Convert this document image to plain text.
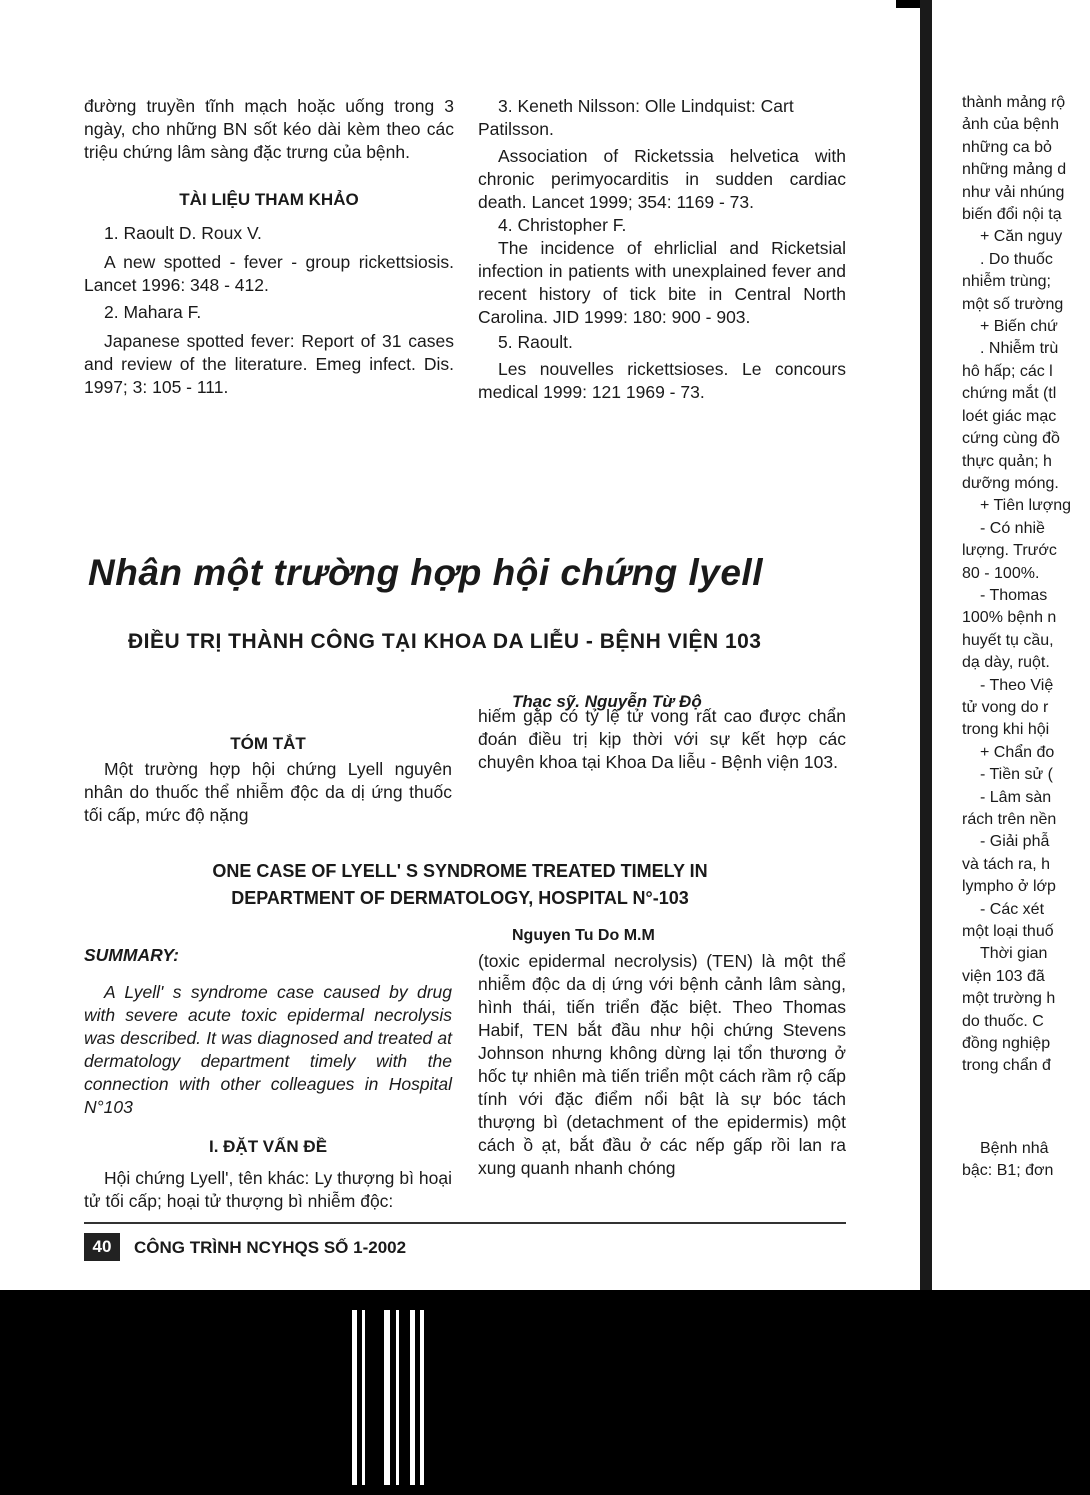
đường truyền tĩnh mạch hoặc uống trong 3 ngày, cho những BN sốt kéo dài kèm theo các triệu chứng lâm sàng đặc trưng của bệnh.

TÀI LIỆU THAM KHẢO

1. Raoult D. Roux V.

A new spotted - fever - group rickettsiosis. Lancet 1996: 348 - 412.

2. Mahara F.

Japanese spotted fever: Report of 31 cases and review of the literature. Emeg infect. Dis. 1997; 3: 105 - 111.

3. Keneth Nilsson: Olle Lindquist: Cart Patilsson.

Association of Ricketssia helvetica with chronic perimyocarditis in sudden cardiac death. Lancet 1999; 354: 1169 - 73.

4. Christopher F.

The incidence of ehrliclial and Ricketsial infection in patients with unexplained fever and recent history of tick bite in Central North Carolina. JID 1999: 180: 900 - 903.

5. Raoult.

Les nouvelles rickettsioses. Le concours medical 1999: 121 1969 - 73.

Nhân một trường hợp hội chứng lyell
ĐIỀU TRỊ THÀNH CÔNG TẠI KHOA DA LIỄU - BỆNH VIỆN 103

Thạc sỹ. Nguyễn Từ Độ

TÓM TẮT

Một trường hợp hội chứng Lyell nguyên nhân do thuốc thể nhiễm độc da dị ứng thuốc tối cấp, mức độ nặng

hiếm gặp có tỷ lệ tử vong rất cao được chẩn đoán điều trị kịp thời với sự kết hợp các chuyên khoa tại Khoa Da liễu - Bệnh viện 103.

ONE CASE OF LYELL' S SYNDROME TREATED TIMELY IN

DEPARTMENT OF DERMATOLOGY, HOSPITAL N°-103

Nguyen Tu Do M.M

SUMMARY:

A Lyell' s syndrome case caused by drug with severe acute toxic epidermal necrolysis was described. It was diagnosed and treated at dermatology department timely with the connection with other colleagues in Hospital N°103

I. ĐẶT VẤN ĐỀ

Hội chứng Lyell', tên khác: Ly thượng bì hoại tử tối cấp; hoại tử thượng bì nhiễm độc:

(toxic epidermal necrolysis) (TEN) là một thể nhiễm độc da dị ứng với bệnh cảnh lâm sàng, hình thái, tiến triển đặc biệt. Theo Thomas Habif, TEN bắt đầu như hội chứng Stevens Johnson nhưng không dừng lại tổn thương ở hốc tự nhiên mà tiến triển một cách rầm rộ cấp tính với đặc điểm nổi bật là sự bóc tách thượng bì (detachment of the epidermis) một cách ồ ạt, bắt đầu ở các nếp gấp rồi lan ra xung quanh nhanh chóng

40 CÔNG TRÌNH NCYHQS SỐ 1-2002

thành mảng rộ

ảnh của bệnh

những ca bỏ

những mảng d

như vải nhúng

biến đổi nội tạ

+ Căn nguy

. Do thuốc

nhiễm trùng;

một số trường

+ Biến chứ

. Nhiễm trù

hô hấp; các l

chứng mắt (tl

loét giác mạc

cứng cùng đồ

thực quản; h

dưỡng móng.

+ Tiên lượng

- Có nhiề

lượng. Trước

80 - 100%.

- Thomas

100% bệnh n

huyết tụ cầu,

dạ dày, ruột.

- Theo Việ

tử vong do r

trong khi hội

+ Chẩn đo

- Tiền sử (

- Lâm sàn

rách trên nền

- Giải phẫ

và tách ra, h

lympho ở lớp

- Các xét

một loại thuố

Thời gian

viện 103 đã

một trường h

do thuốc. C

đồng nghiệp

trong chẩn đ

Bệnh nhâ

bậc: B1; đơn
